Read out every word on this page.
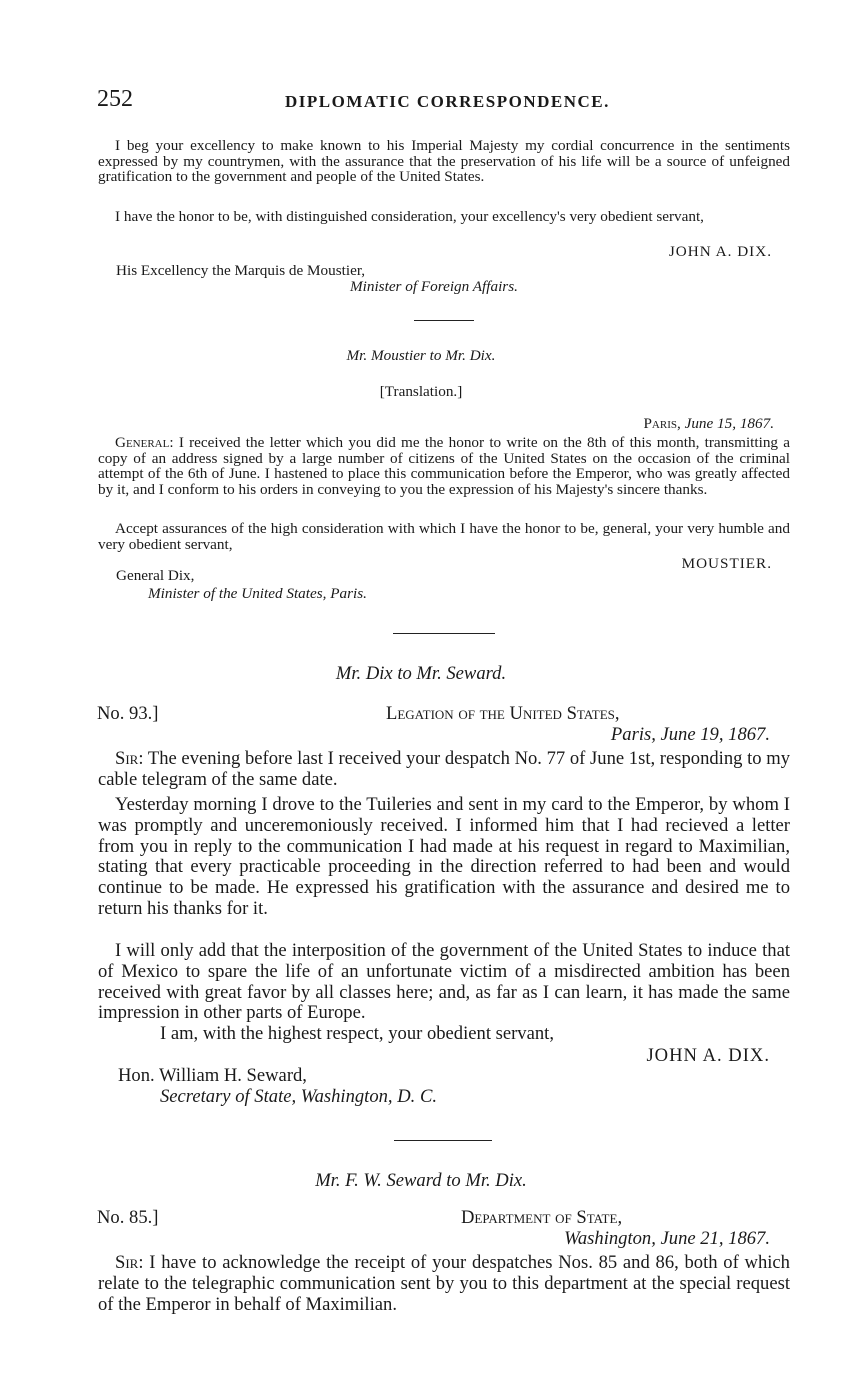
252	DIPLOMATIC CORRESPONDENCE.

I beg your excellency to make known to his Imperial Majesty my cordial concurrence in the sentiments expressed by my countrymen, with the assurance that the preservation of his life will be a source of unfeigned gratification to the government and people of the United States.

I have the honor to be, with distinguished consideration, your excellency's very obedient servant,

JOHN A. DIX.
His Excellency the Marquis de Moustier,
Minister of Foreign Affairs.
Mr. Moustier to Mr. Dix.
[Translation.]
Paris, June 15, 1867.

General: I received the letter which you did me the honor to write on the 8th of this month, transmitting a copy of an address signed by a large number of citizens of the United States on the occasion of the criminal attempt of the 6th of June. I hastened to place this communication before the Emperor, who was greatly affected by it, and I conform to his orders in conveying to you the expression of his Majesty's sincere thanks.

Accept assurances of the high consideration with which I have the honor to be, general, your very humble and very obedient servant,

MOUSTIER.
General Dix,
Minister of the United States, Paris.
Mr. Dix to Mr. Seward.
No. 93.]	Legation of the United States,
Paris, June 19, 1867.

Sir: The evening before last I received your despatch No. 77 of June 1st, responding to my cable telegram of the same date.

Yesterday morning I drove to the Tuileries and sent in my card to the Emperor, by whom I was promptly and unceremoniously received. I informed him that I had recieved a letter from you in reply to the communication I had made at his request in regard to Maximilian, stating that every practicable proceeding in the direction referred to had been and would continue to be made. He expressed his gratification with the assurance and desired me to return his thanks for it.

I will only add that the interposition of the government of the United States to induce that of Mexico to spare the life of an unfortunate victim of a misdirected ambition has been received with great favor by all classes here; and, as far as I can learn, it has made the same impression in other parts of Europe.

I am, with the highest respect, your obedient servant,
JOHN A. DIX.
Hon. William H. Seward,
Secretary of State, Washington, D. C.
Mr. F. W. Seward to Mr. Dix.
No. 85.]	Department of State,
Washington, June 21, 1867.

Sir: I have to acknowledge the receipt of your despatches Nos. 85 and 86, both of which relate to the telegraphic communication sent by you to this department at the special request of the Emperor in behalf of Maximilian.
